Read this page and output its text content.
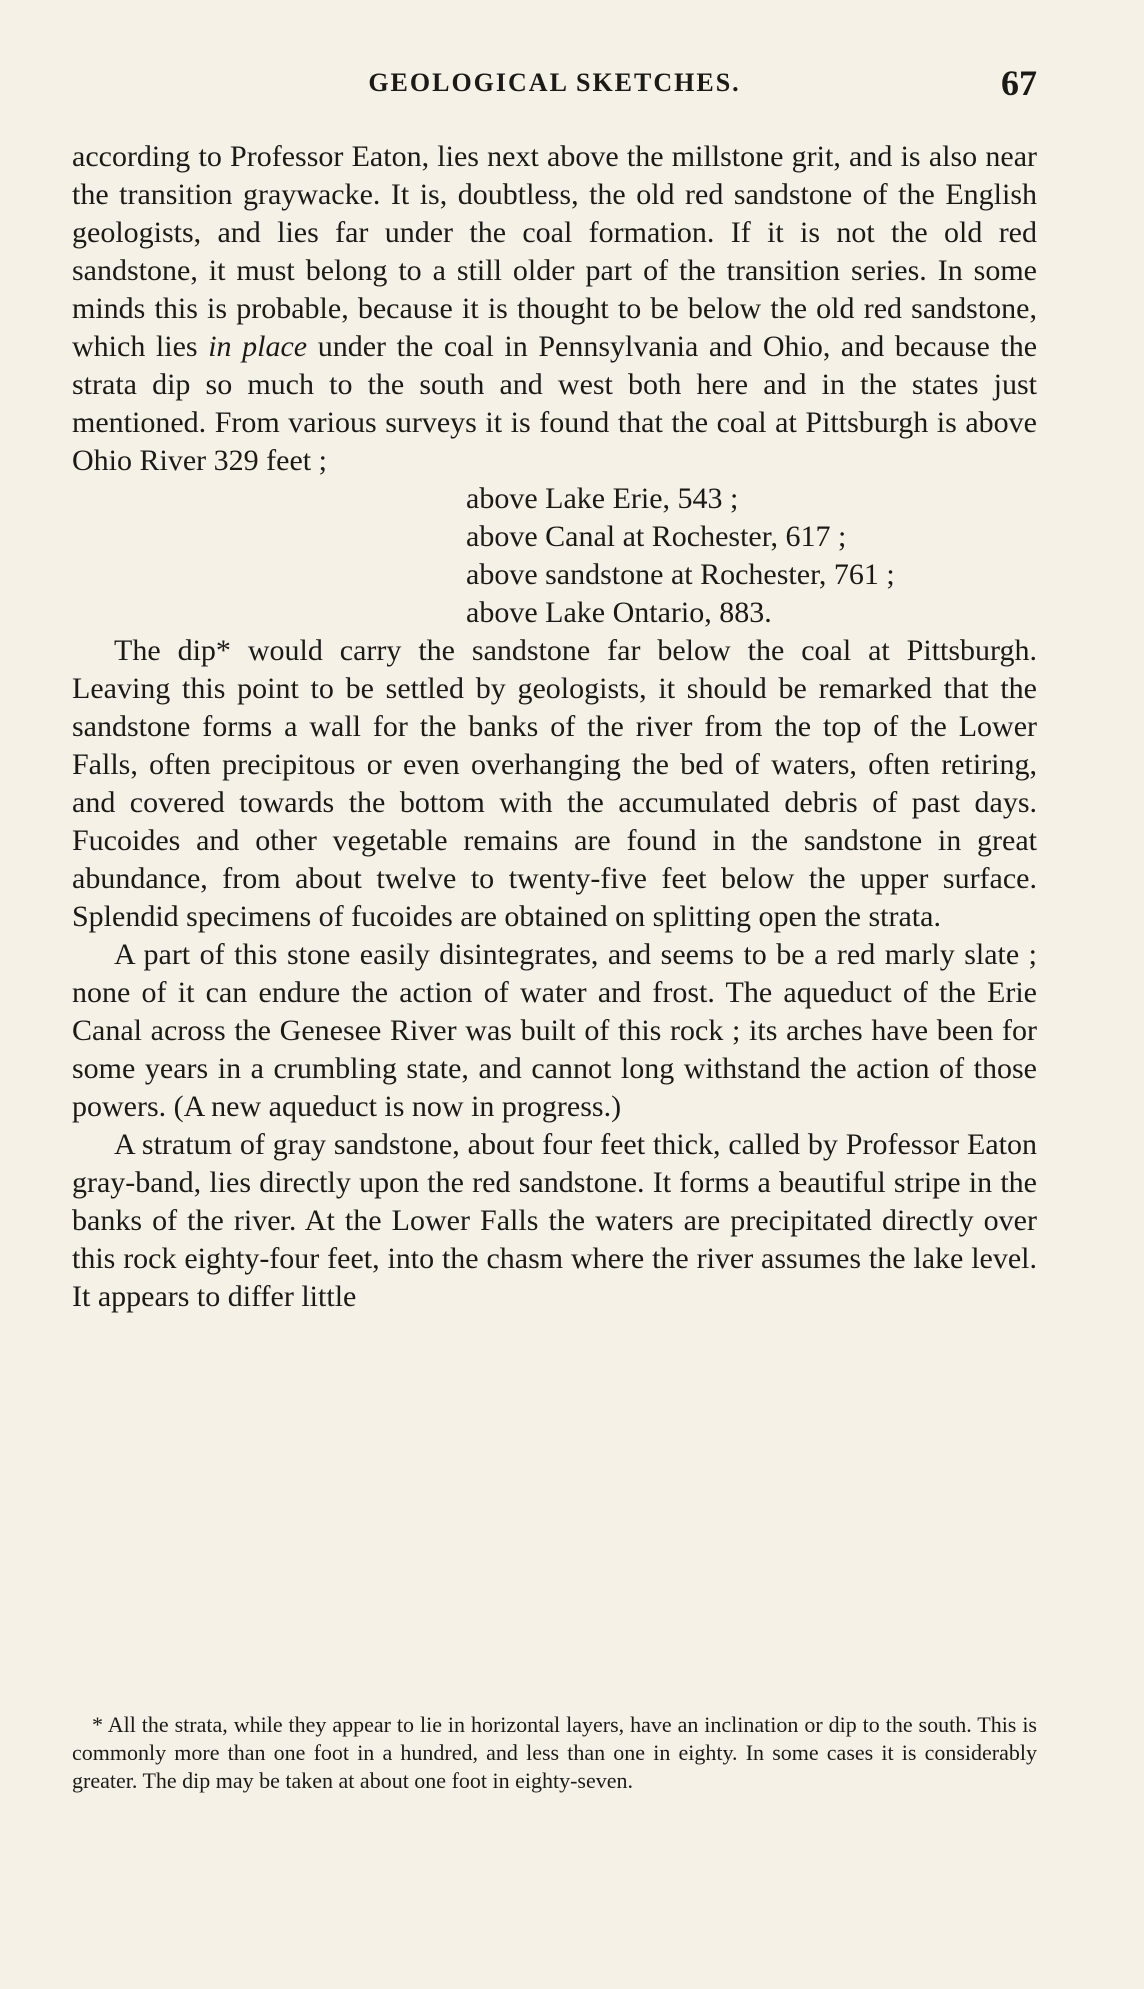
GEOLOGICAL SKETCHES.	67

according to Professor Eaton, lies next above the millstone grit, and is also near the transition graywacke. It is, doubtless, the old red sandstone of the English geologists, and lies far under the coal formation. If it is not the old red sandstone, it must belong to a still older part of the transition series. In some minds this is probable, because it is thought to be below the old red sandstone, which lies in place under the coal in Pennsylvania and Ohio, and because the strata dip so much to the south and west both here and in the states just mentioned. From various surveys it is found that the coal at Pittsburgh is above Ohio River 329 feet ;

above Lake Erie, 543 ;
above Canal at Rochester, 617 ;
above sandstone at Rochester, 761 ;
above Lake Ontario, 883.

The dip* would carry the sandstone far below the coal at Pittsburgh. Leaving this point to be settled by geologists, it should be remarked that the sandstone forms a wall for the banks of the river from the top of the Lower Falls, often precipitous or even overhanging the bed of waters, often retiring, and covered towards the bottom with the accumulated debris of past days. Fucoides and other vegetable remains are found in the sandstone in great abundance, from about twelve to twenty-five feet below the upper surface. Splendid specimens of fucoides are obtained on splitting open the strata.

A part of this stone easily disintegrates, and seems to be a red marly slate ; none of it can endure the action of water and frost. The aqueduct of the Erie Canal across the Genesee River was built of this rock ; its arches have been for some years in a crumbling state, and cannot long withstand the action of those powers. (A new aqueduct is now in progress.)

A stratum of gray sandstone, about four feet thick, called by Professor Eaton gray-band, lies directly upon the red sandstone. It forms a beautiful stripe in the banks of the river. At the Lower Falls the waters are precipitated directly over this rock eighty-four feet, into the chasm where the river assumes the lake level. It appears to differ little

* All the strata, while they appear to lie in horizontal layers, have an inclination or dip to the south. This is commonly more than one foot in a hundred, and less than one in eighty. In some cases it is considerably greater. The dip may be taken at about one foot in eighty-seven.
